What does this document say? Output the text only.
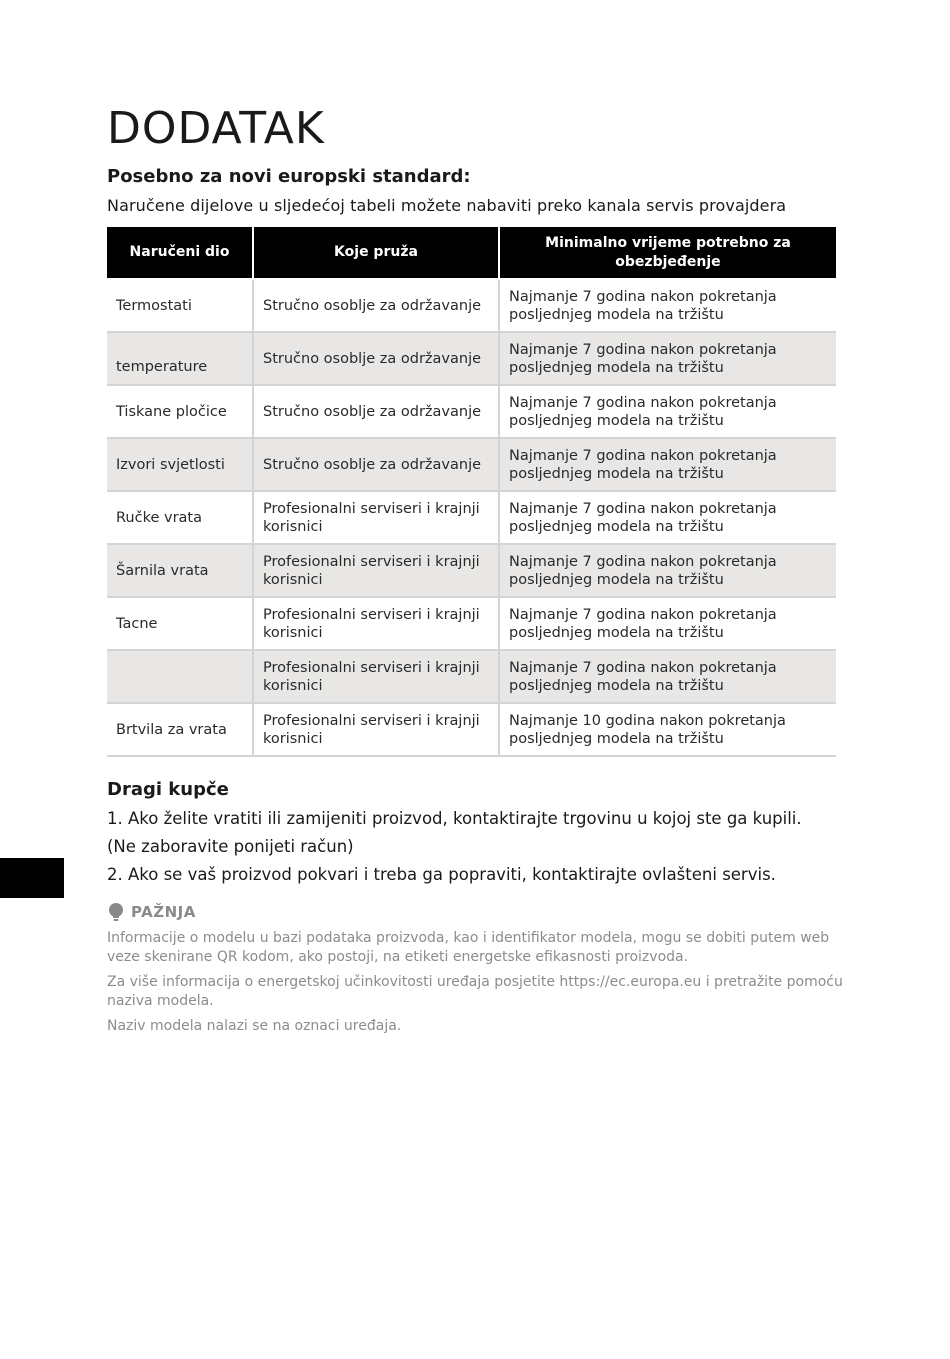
DODATAK

Posebno za novi europski standard:

Naručene dijelove u sljedećoj tabeli možete nabaviti preko kanala servis provajdera

Naručeni dio	Koje pruža	Minimalno vrijeme potrebno za obezbjeđenje
Termostati	Stručno osoblje za održavanje	Najmanje 7 godina nakon pokretanja posljednjeg modela na tržištu
temperature	Stručno osoblje za održavanje	Najmanje 7 godina nakon pokretanja posljednjeg modela na tržištu
Tiskane pločice	Stručno osoblje za održavanje	Najmanje 7 godina nakon pokretanja posljednjeg modela na tržištu
Izvori svjetlosti	Stručno osoblje za održavanje	Najmanje 7 godina nakon pokretanja posljednjeg modela na tržištu
Ručke vrata	Profesionalni serviseri i krajnji korisnici	Najmanje 7 godina nakon pokretanja posljednjeg modela na tržištu
Šarnila vrata	Profesionalni serviseri i krajnji korisnici	Najmanje 7 godina nakon pokretanja posljednjeg modela na tržištu
Tacne	Profesionalni serviseri i krajnji korisnici	Najmanje 7 godina nakon pokretanja posljednjeg modela na tržištu
	Profesionalni serviseri i krajnji korisnici	Najmanje 7 godina nakon pokretanja posljednjeg modela na tržištu
Brtvila za vrata	Profesionalni serviseri i krajnji korisnici	Najmanje 10 godina nakon pokretanja posljednjeg modela na tržištu

Dragi kupče

1. Ako želite vratiti ili zamijeniti proizvod, kontaktirajte trgovinu u kojoj ste ga kupili.

(Ne zaboravite ponijeti račun)

2. Ako se vaš proizvod pokvari i treba ga popraviti, kontaktirajte ovlašteni servis.

PAŽNJA

Informacije o modelu u bazi podataka proizvoda, kao i identifikator modela, mogu se dobiti putem web veze skenirane QR kodom, ako postoji, na etiketi energetske efikasnosti proizvoda.

Za više informacija o energetskoj učinkovitosti uređaja posjetite https://ec.europa.eu i pretražite pomoću naziva modela.

Naziv modela nalazi se na oznaci uređaja.
